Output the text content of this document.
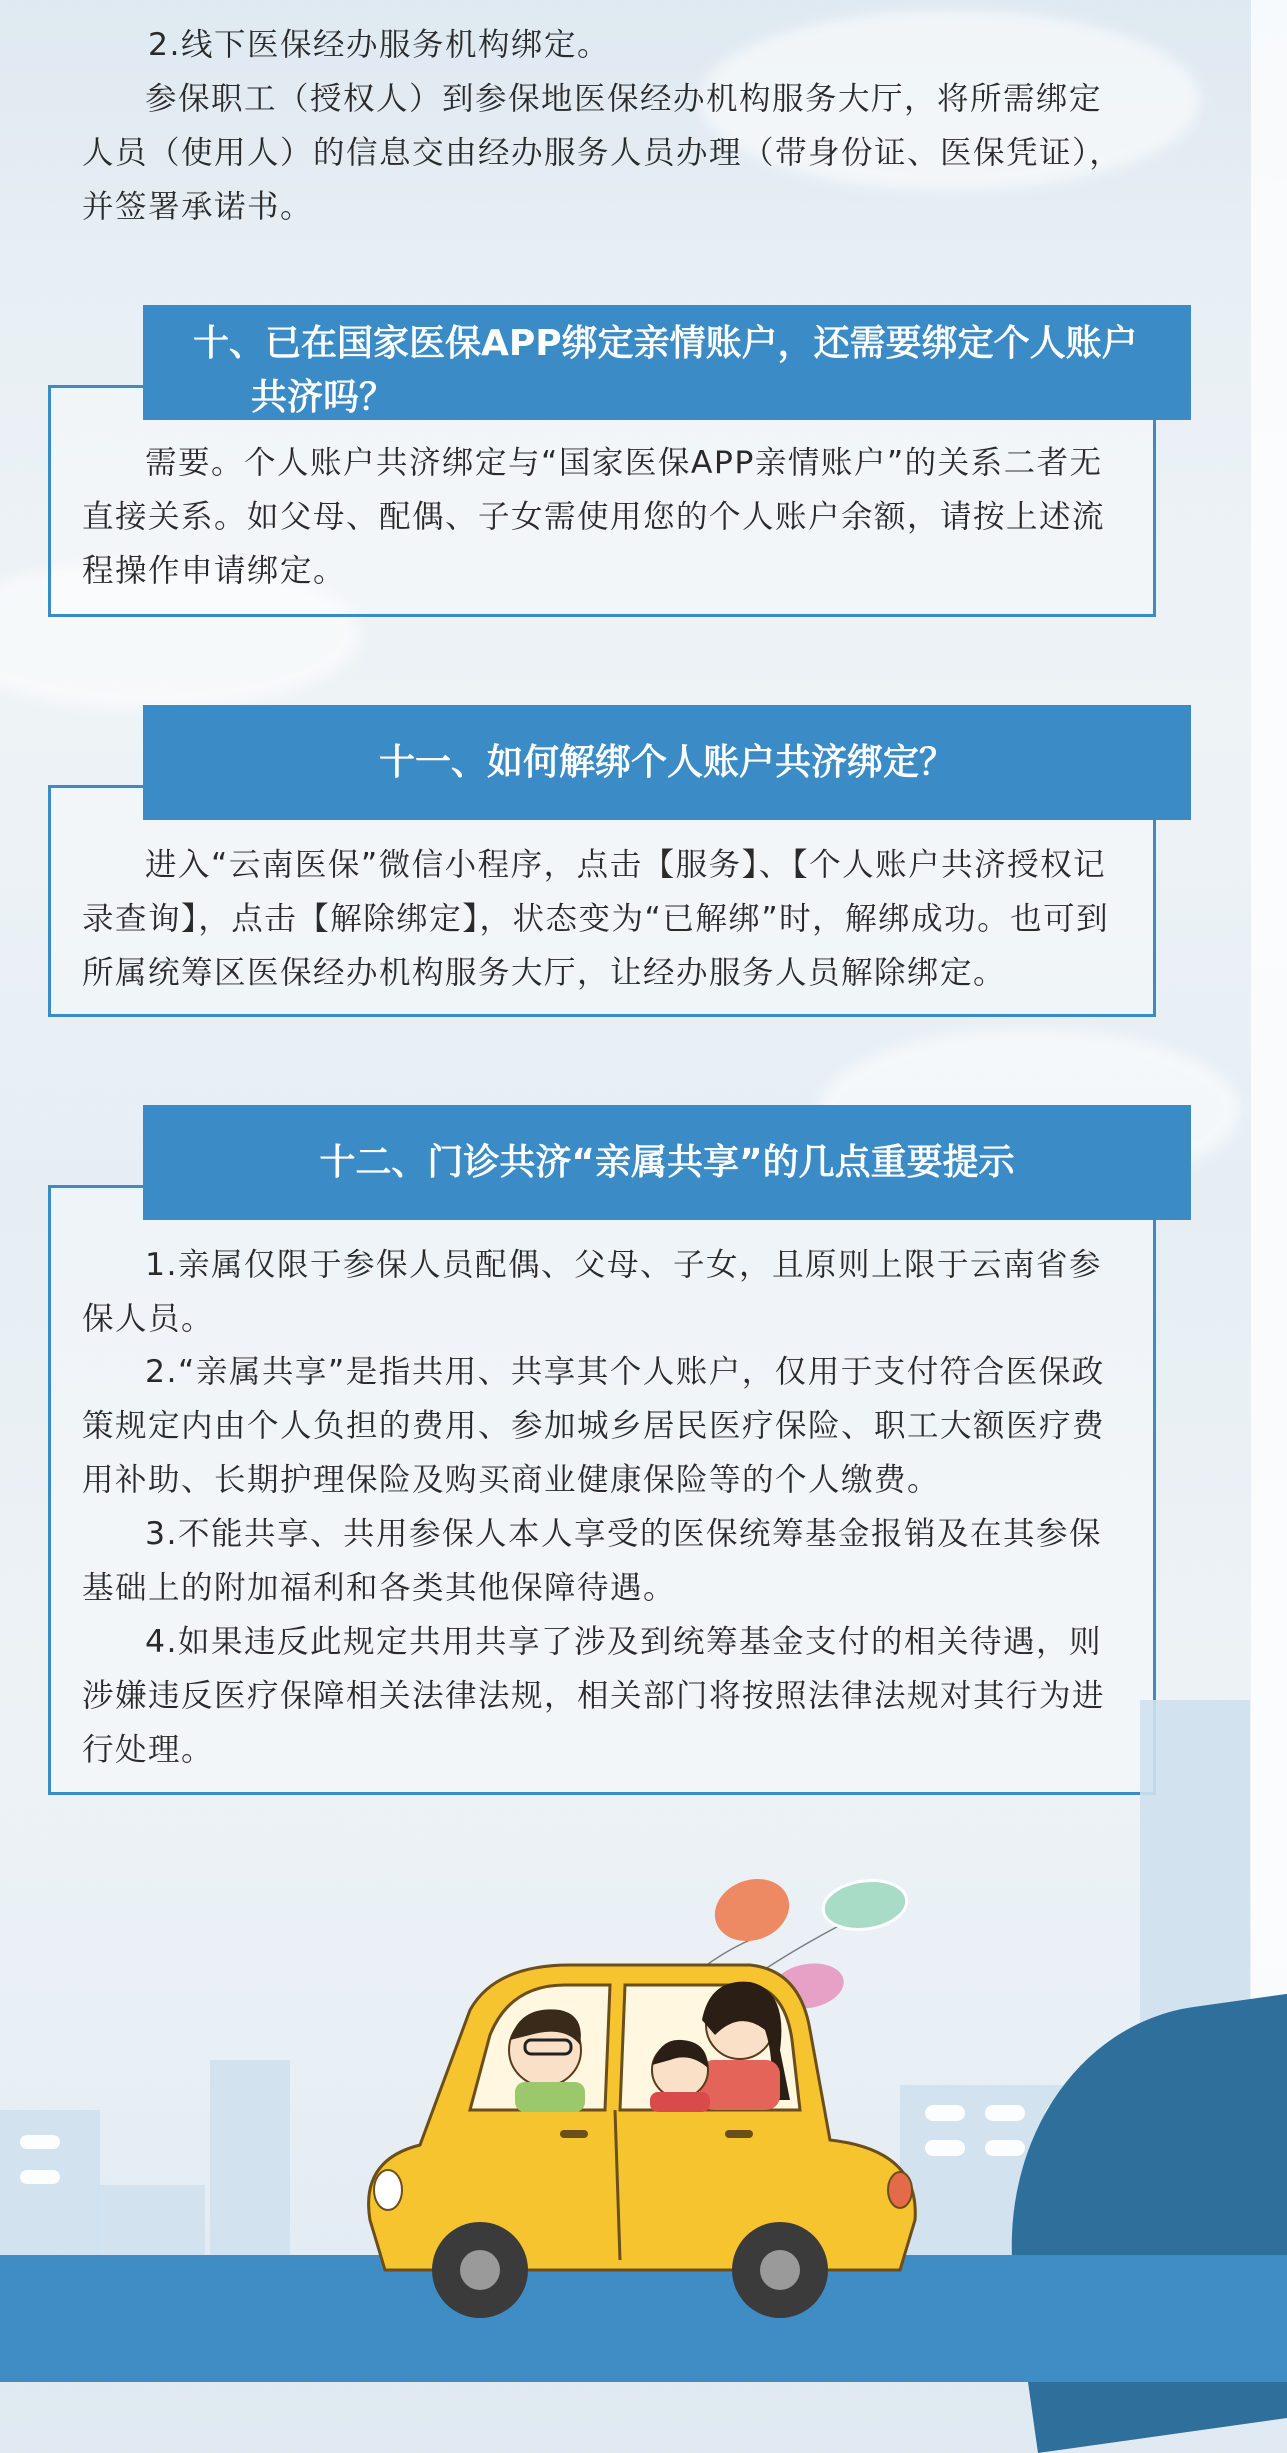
2.线下医保经办服务机构绑定。
参保职工（授权人）到参保地医保经办机构服务大厅，将所需绑定人员（使用人）的信息交由经办服务人员办理（带身份证、医保凭证），并签署承诺书。
十、已在国家医保APP绑定亲情账户，还需要绑定个人账户
共济吗？
需要。个人账户共济绑定与“国家医保APP亲情账户”的关系二者无直接关系。如父母、配偶、子女需使用您的个人账户余额，请按上述流程操作申请绑定。
十一、如何解绑个人账户共济绑定？
进入“云南医保”微信小程序，点击【服务】、【个人账户共济授权记录查询】，点击【解除绑定】，状态变为“已解绑”时，解绑成功。也可到所属统筹区医保经办机构服务大厅，让经办服务人员解除绑定。
十二、门诊共济“亲属共享”的几点重要提示
1.亲属仅限于参保人员配偶、父母、子女，且原则上限于云南省参保人员。
2.“亲属共享”是指共用、共享其个人账户，仅用于支付符合医保政策规定内由个人负担的费用、参加城乡居民医疗保险、职工大额医疗费用补助、长期护理保险及购买商业健康保险等的个人缴费。
3.不能共享、共用参保人本人享受的医保统筹基金报销及在其参保基础上的附加福利和各类其他保障待遇。
4.如果违反此规定共用共享了涉及到统筹基金支付的相关待遇，则涉嫌违反医疗保障相关法律法规，相关部门将按照法律法规对其行为进行处理。
